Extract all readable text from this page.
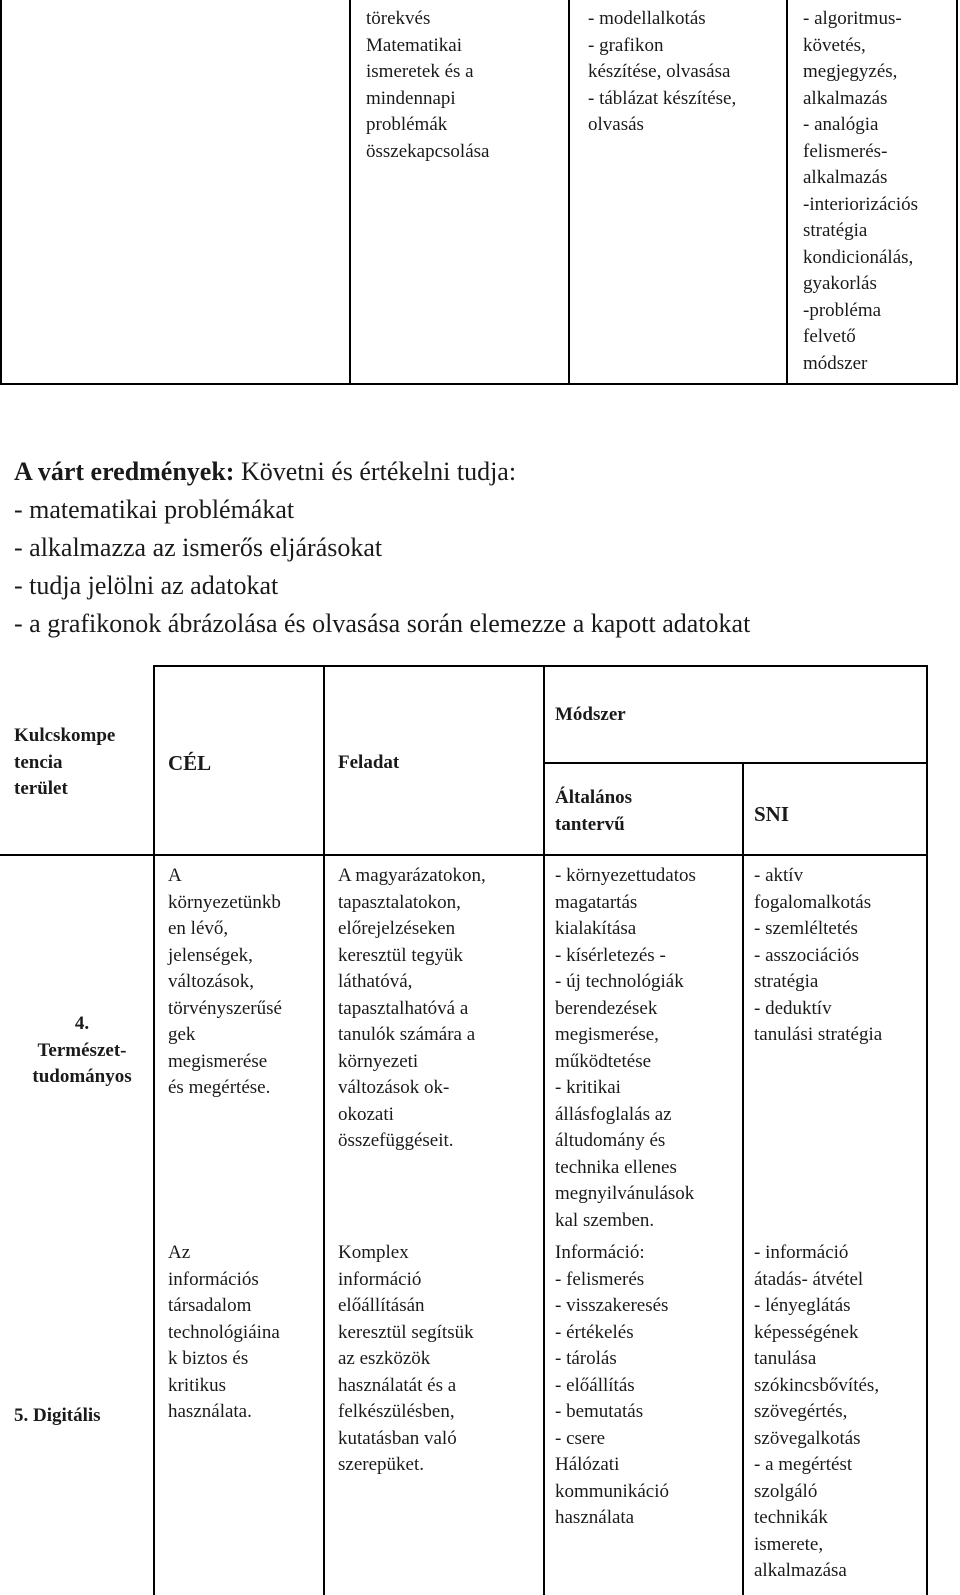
törekvés
Matematikai
ismeretek és a
mindennapi
problémák
összekapcsolása
- modellalkotás
- grafikon
készítése, olvasása
- táblázat készítése,
olvasás
- algoritmus-
követés,
megjegyzés,
alkalmazás
- analógia
felismerés-
alkalmazás
-interiorizációs
stratégia
kondicionálás,
gyakorlás
-probléma
felvető
módszer
A várt eredmények: Követni és értékelni tudja:
- matematikai problémákat
- alkalmazza az ismerős eljárásokat
- tudja jelölni az adatokat
- a grafikonok ábrázolása és olvasása során elemezze a kapott adatokat
Kulcskompe
tencia
terület
CÉL	Feladat
Módszer
Általános
tantervű	SNI
4.
Természet-
tudományos
A
környezetünkb
en lévő,
jelenségek,
változások,
törvényszerűsé
gek
megismerése
és megértése.
A magyarázatokon,
tapasztalatokon,
előrejelzéseken
keresztül tegyük
láthatóvá,
tapasztalhatóvá a
tanulók számára a
környezeti
változások ok-
okozati
összefüggéseit.
- környezettudatos
magatartás
kialakítása
- kísérletezés -
- új technológiák
berendezések
megismerése,
működtetése
- kritikai
állásfoglalás az
áltudomány és
technika ellenes
megnyilvánulások
kal szemben.
- aktív
fogalomalkotás
- szemléltetés
- asszociációs
stratégia
- deduktív
tanulási stratégia
5. Digitális
Az
információs
társadalom
technológiáina
k biztos és
kritikus
használata.
Komplex
információ
előállításán
keresztül segítsük
az eszközök
használatát és a
felkészülésben,
kutatásban való
szerepüket.
Információ:
- felismerés
- visszakeresés
- értékelés
- tárolás
- előállítás
- bemutatás
- csere
Hálózati
kommunikáció
használata
- információ
átadás- átvétel
- lényeglátás
képességének
tanulása
szókincsbővítés,
szövegértés,
szövegalkotás
- a megértést
szolgáló
technikák
ismerete,
alkalmazása
